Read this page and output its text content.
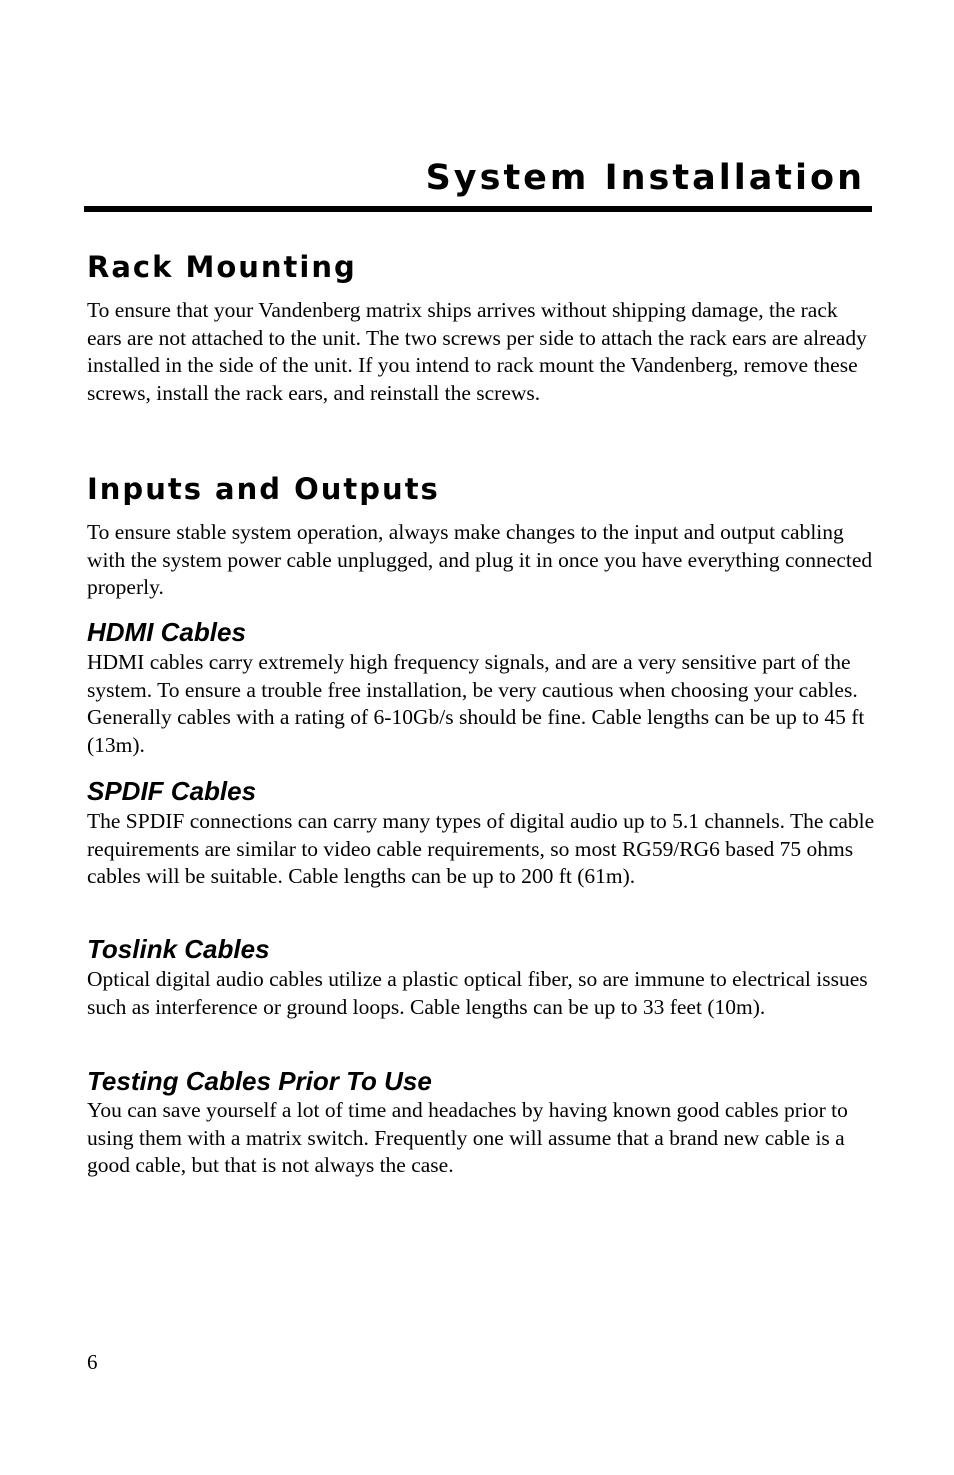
System Installation
Rack Mounting

To ensure that your Vandenberg matrix ships arrives without shipping damage, the rack ears are not attached to the unit. The two screws per side to attach the rack ears are already installed in the side of the unit. If you intend to rack mount the Vandenberg, remove these screws, install the rack ears, and reinstall the screws.

Inputs and Outputs

To ensure stable system operation, always make changes to the input and output cabling with the system power cable unplugged, and plug it in once you have everything connected properly.

HDMI Cables

HDMI cables carry extremely high frequency signals, and are a very sensitive part of the system. To ensure a trouble free installation, be very cautious when choosing your cables. Generally cables with a rating of 6-10Gb/s should be fine. Cable lengths can be up to 45 ft (13m).

SPDIF Cables

The SPDIF connections can carry many types of digital audio up to 5.1 channels. The cable requirements are similar to video cable requirements, so most RG59/RG6 based 75 ohms cables will be suitable. Cable lengths can be up to 200 ft (61m).

Toslink Cables

Optical digital audio cables utilize a plastic optical fiber, so are immune to electrical issues such as interference or ground loops. Cable lengths can be up to 33 feet (10m).

Testing Cables Prior To Use

You can save yourself a lot of time and headaches by having known good cables prior to using them with a matrix switch. Frequently one will assume that a brand new cable is a good cable, but that is not always the case.

6
